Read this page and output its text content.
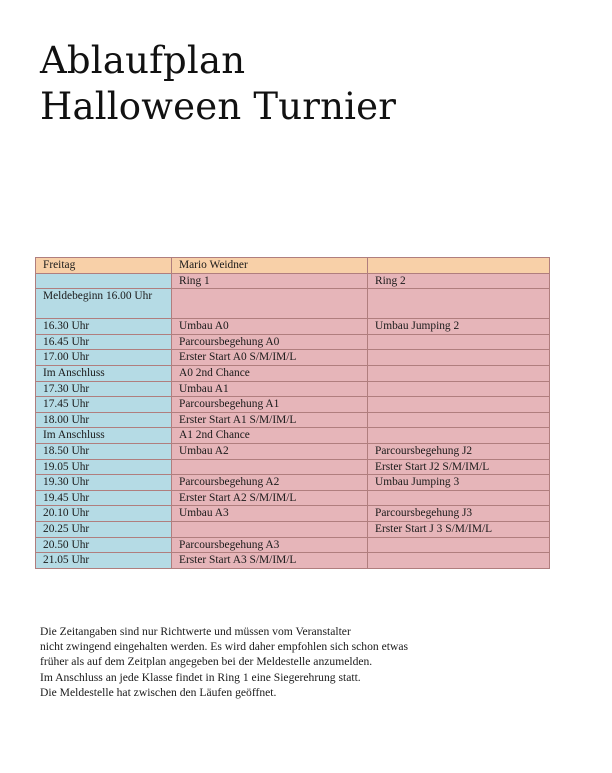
Ablaufplan
Halloween Turnier
Freitag	Mario Weidner	
	Ring 1	Ring 2
Meldebeginn 16.00 Uhr		
16.30 Uhr	Umbau A0	Umbau Jumping 2
16.45 Uhr	Parcoursbegehung A0	
17.00 Uhr	Erster Start A0 S/M/IM/L	
Im Anschluss	A0 2nd Chance	
17.30 Uhr	Umbau A1	
17.45 Uhr	Parcoursbegehung A1	
18.00 Uhr	Erster Start A1 S/M/IM/L	
Im Anschluss	A1 2nd Chance	
18.50 Uhr	Umbau A2	Parcoursbegehung J2
19.05 Uhr		Erster Start J2 S/M/IM/L
19.30 Uhr	Parcoursbegehung A2	Umbau Jumping 3
19.45 Uhr	Erster Start A2 S/M/IM/L	
20.10 Uhr	Umbau A3	Parcoursbegehung J3
20.25 Uhr		Erster Start J 3 S/M/IM/L
20.50 Uhr	Parcoursbegehung A3	
21.05 Uhr	Erster Start A3 S/M/IM/L	
Die Zeitangaben sind nur Richtwerte und müssen vom Veranstalter
nicht zwingend eingehalten werden. Es wird daher empfohlen sich schon etwas
früher als auf dem Zeitplan angegeben bei der Meldestelle anzumelden.
Im Anschluss an jede Klasse findet in Ring 1 eine Siegerehrung statt.
Die Meldestelle hat zwischen den Läufen geöffnet.
